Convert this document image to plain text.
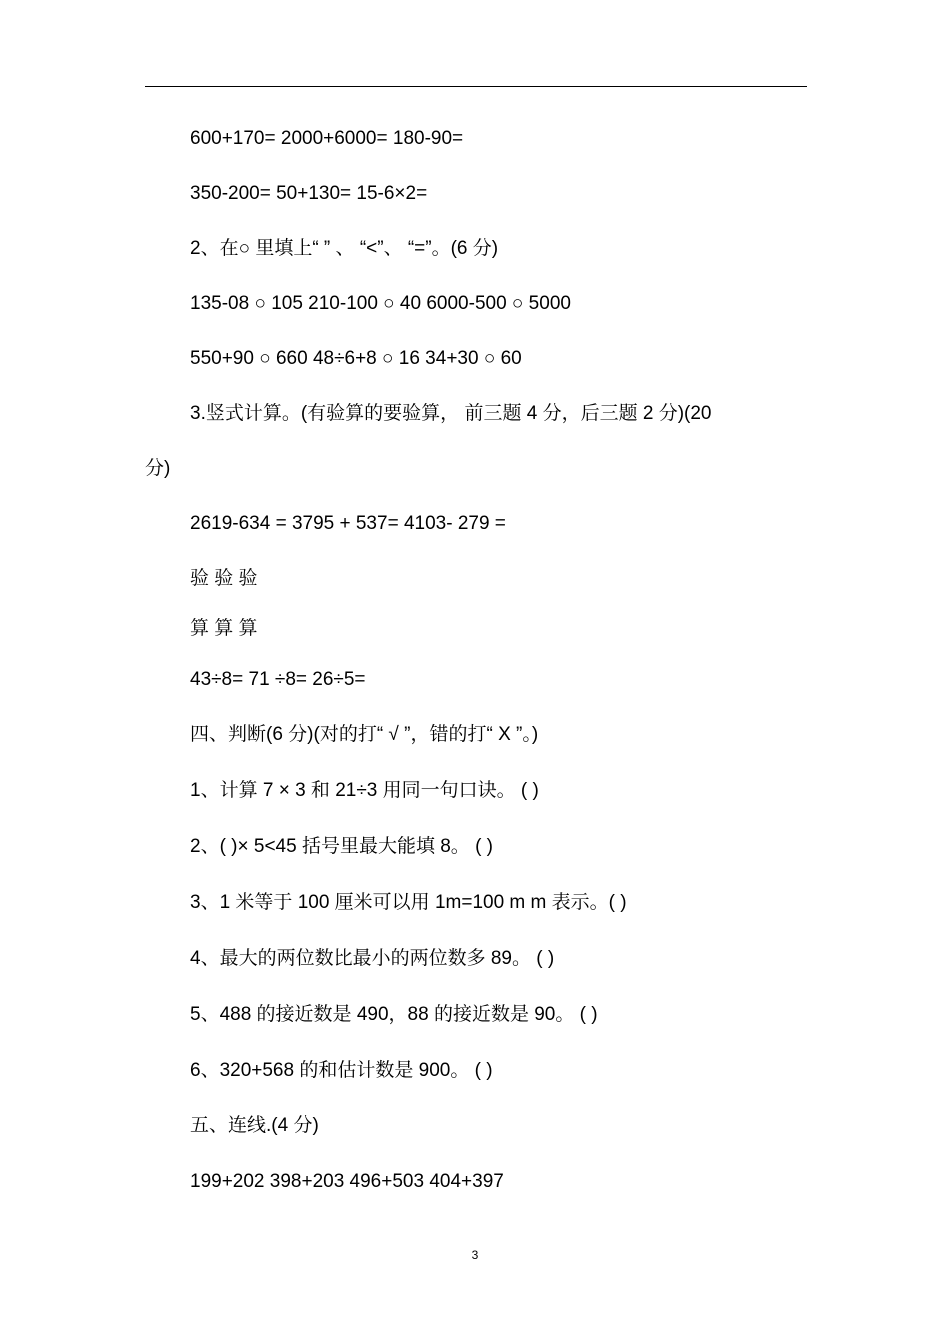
600+170= 2000+6000= 180-90=
350-200= 50+130= 15-6×2=
2、在○ 里填上“ ” 、 “<”、 “=”。(6 分)
135-08 ○ 105 210-100 ○ 40 6000-500 ○ 5000
550+90 ○ 660 48÷6+8 ○ 16 34+30 ○ 60
3.竖式计算。(有验算的要验算， 前三题 4 分，后三题 2 分)(20
分)
2619-634 = 3795 + 537= 4103- 279 =
验 验 验
算 算 算
43÷8= 71 ÷8= 26÷5=
四、判断(6 分)(对的打“ √ ”，错的打“ X ”。)
1、计算 7 × 3 和 21÷3 用同一句口诀。 ( )
2、( )× 5<45 括号里最大能填 8。 ( )
3、1 米等于 100 厘米可以用 1m=100 m m 表示。( )
4、最大的两位数比最小的两位数多 89。 ( )
5、488 的接近数是 490，88 的接近数是 90。 ( )
6、320+568 的和估计数是 900。 ( )
五、连线.(4 分)
199+202 398+203 496+503 404+397
3
